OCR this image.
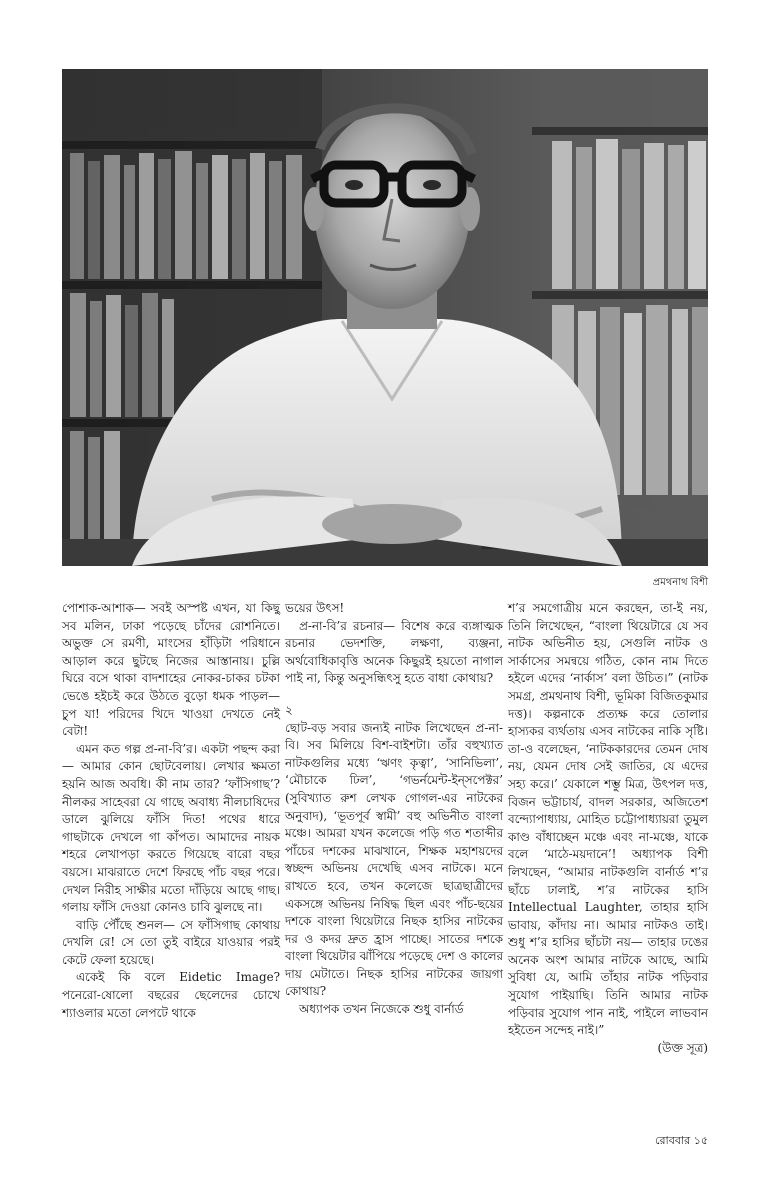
প্রমথনাথ বিশী

পোশাক-আশাক— সবই অস্পষ্ট এখন, যা কিছু সব মলিন, ঢাকা পড়েছে চাঁদের রোশনিতে। অভুক্ত সে রমণী, মাংসের হাঁড়িটা পরিধানে আড়াল করে ছুটছে নিজের আস্তানায়। চুল্লি ঘিরে বসে থাকা বাদশাহের নোকর-চাকর চটকা ভেঙে হইচই করে উঠতে বুড়ো ধমক পাড়ল— চুপ যা! পরিদের খিদে খাওয়া দেখতে নেই বেটা!

এমন কত গল্প প্র-না-বি’র। একটা পছন্দ করা— আমার কোন ছোটবেলায়। লেখার ক্ষমতা হয়নি আজ অবধি। কী নাম তার? ‘ফাঁসিগাছ’? নীলকর সাহেবরা যে গাছে অবাধ্য নীলচাষিদের ডালে ঝুলিয়ে ফাঁসি দিত! পথের ধারে গাছটাকে দেখলে গা কাঁপত। আমাদের নায়ক শহরে লেখাপড়া করতে গিয়েছে বারো বছর বয়সে। মাঝরাতে দেশে ফিরছে পাঁচ বছর পরে। দেখল নিরীহ সাক্ষীর মতো দাঁড়িয়ে আছে গাছ। গলায় ফাঁসি দেওয়া কোনও চাবি ঝুলছে না।

বাড়ি পৌঁছে শুনল— সে ফাঁসিগাছ কোথায় দেখলি রে! সে তো তুই বাইরে যাওয়ার পরই কেটে ফেলা হয়েছে।

একেই কি বলে Eidetic Image? পনেরো-ষোলো বছরের ছেলেদের চোখে শ্যাওলার মতো লেপটে থাকে

ভয়ের উৎস!

প্র-না-বি’র রচনার— বিশেষ করে ব্যঙ্গাত্মক রচনার ভেদশক্তি, লক্ষণা, ব্যঞ্জনা, অর্থবোধিকাবৃত্তি অনেক কিছুরই হয়তো নাগাল পাই না, কিন্তু অনুসন্ধিৎসু হতে বাধা কোথায়?

২

ছোট-বড় সবার জন্যই নাটক লিখেছেন প্র-না-বি। সব মিলিয়ে বিশ-বাইশটা। তাঁর বহুখ্যাত নাটকগুলির মধ্যে ‘ঋণং কৃত্বা’, ‘সানিভিলা’, ‘মৌচাকে ঢিল’, ‘গভর্নমেন্ট-ইন্‌সপেক্টর’ (সুবিখ্যাত রুশ লেখক গোগল-এর নাটকের অনুবাদ), ‘ভূতপূর্ব স্বামী’ বহু অভিনীত বাংলা মঞ্চে। আমরা যখন কলেজে পড়ি গত শতাব্দীর পাঁচের দশকের মাঝখানে, শিক্ষক মহাশয়দের স্বচ্ছন্দ অভিনয় দেখেছি এসব নাটকে। মনে রাখতে হবে, তখন কলেজে ছাত্রছাত্রীদের একসঙ্গে অভিনয় নিষিদ্ধ ছিল এবং পাঁচ-ছয়ের দশকে বাংলা থিয়েটারে নিছক হাসির নাটকের দর ও কদর দ্রুত হ্রাস পাচ্ছে। সাতের দশকে বাংলা থিয়েটার ঝাঁপিয়ে পড়েছে দেশ ও কালের দায় মেটাতে। নিছক হাসির নাটকের জায়গা কোথায়?

অধ্যাপক তখন নিজেকে শুধু বার্নার্ড

শ’র সমগোত্রীয় মনে করছেন, তা-ই নয়, তিনি লিখেছেন, “বাংলা থিয়েটারে যে সব নাটক অভিনীত হয়, সেগুলি নাটক ও সার্কাসের সমন্বয়ে গঠিত, কোন নাম দিতে হইলে এদের ‘নার্কাস’ বলা উচিত।” (নাটক সমগ্র, প্রমথনাথ বিশী, ভূমিকা বিজিতকুমার দত্ত)। কল্পনাকে প্রত্যক্ষ করে তোলার হাস্যকর ব্যর্থতায় এসব নাটকের নাকি সৃষ্টি। তা-ও বলেছেন, ‘নাটককারদের তেমন দোষ নয়, যেমন দোষ সেই জাতির, যে এদের সহ্য করে।’ যেকালে শম্ভু মিত্র, উৎপল দত্ত, বিজন ভট্টাচার্য, বাদল সরকার, অজিতেশ বন্দ্যোপাধ্যায়, মোহিত চট্টোপাধ্যায়রা তুমুল কাণ্ড বাঁধাচ্ছেন মঞ্চে এবং না-মঞ্চে, যাকে বলে ‘মাঠে-ময়দানে’! অধ্যাপক বিশী লিখছেন, “আমার নাটকগুলি বার্নার্ড শ’র ছাঁচে ঢালাই, শ’র নাটকের হাসি Intellectual Laughter, তাহার হাসি ভাবায়, কাঁদায় না। আমার নাটকও তাই। শুধু শ’র হাসির ছাঁচটা নয়— তাহার ঢঙের অনেক অংশ আমার নাটকে আছে, আমি সুবিধা যে, আমি তাঁহার নাটক পড়িবার সুযোগ পাইয়াছি। তিনি আমার নাটক পড়িবার সুযোগ পান নাই, পাইলে লাভবান হইতেন সন্দেহ নাই।”

(উক্ত সূত্র)

রোববার ১৫
